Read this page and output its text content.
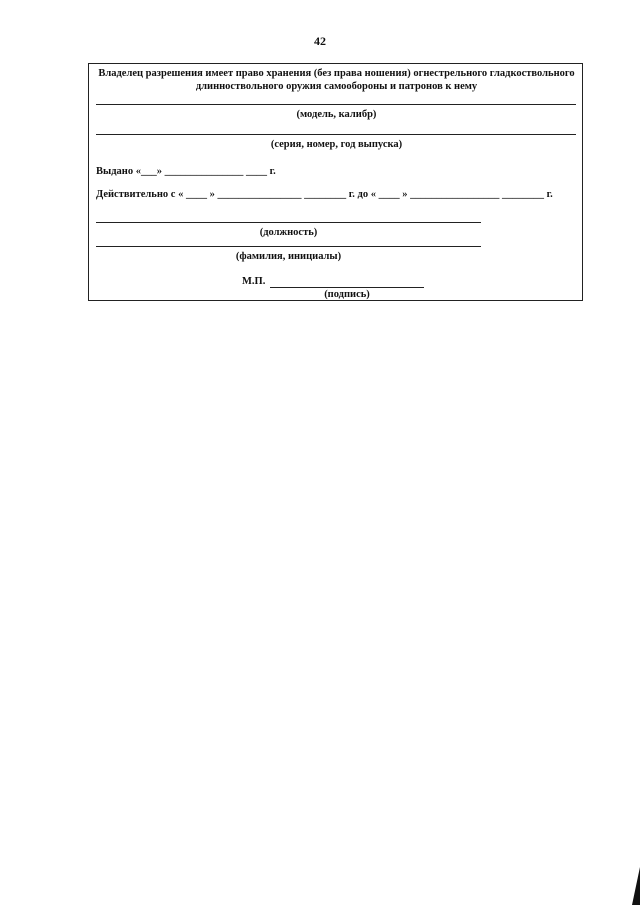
42
Владелец разрешения имеет право хранения (без права ношения) огнестрельного гладкоствольного
длинноствольного оружия самообороны и патронов к нему
(модель, калибр)
(серия, номер, год выпуска)
Выдано «___» _______________ ____ г.
Действительно с « ____ » ________________ ________ г. до « ____ » _________________ ________ г.
(должность)
(фамилия, инициалы)
М.П.
(подпись)
